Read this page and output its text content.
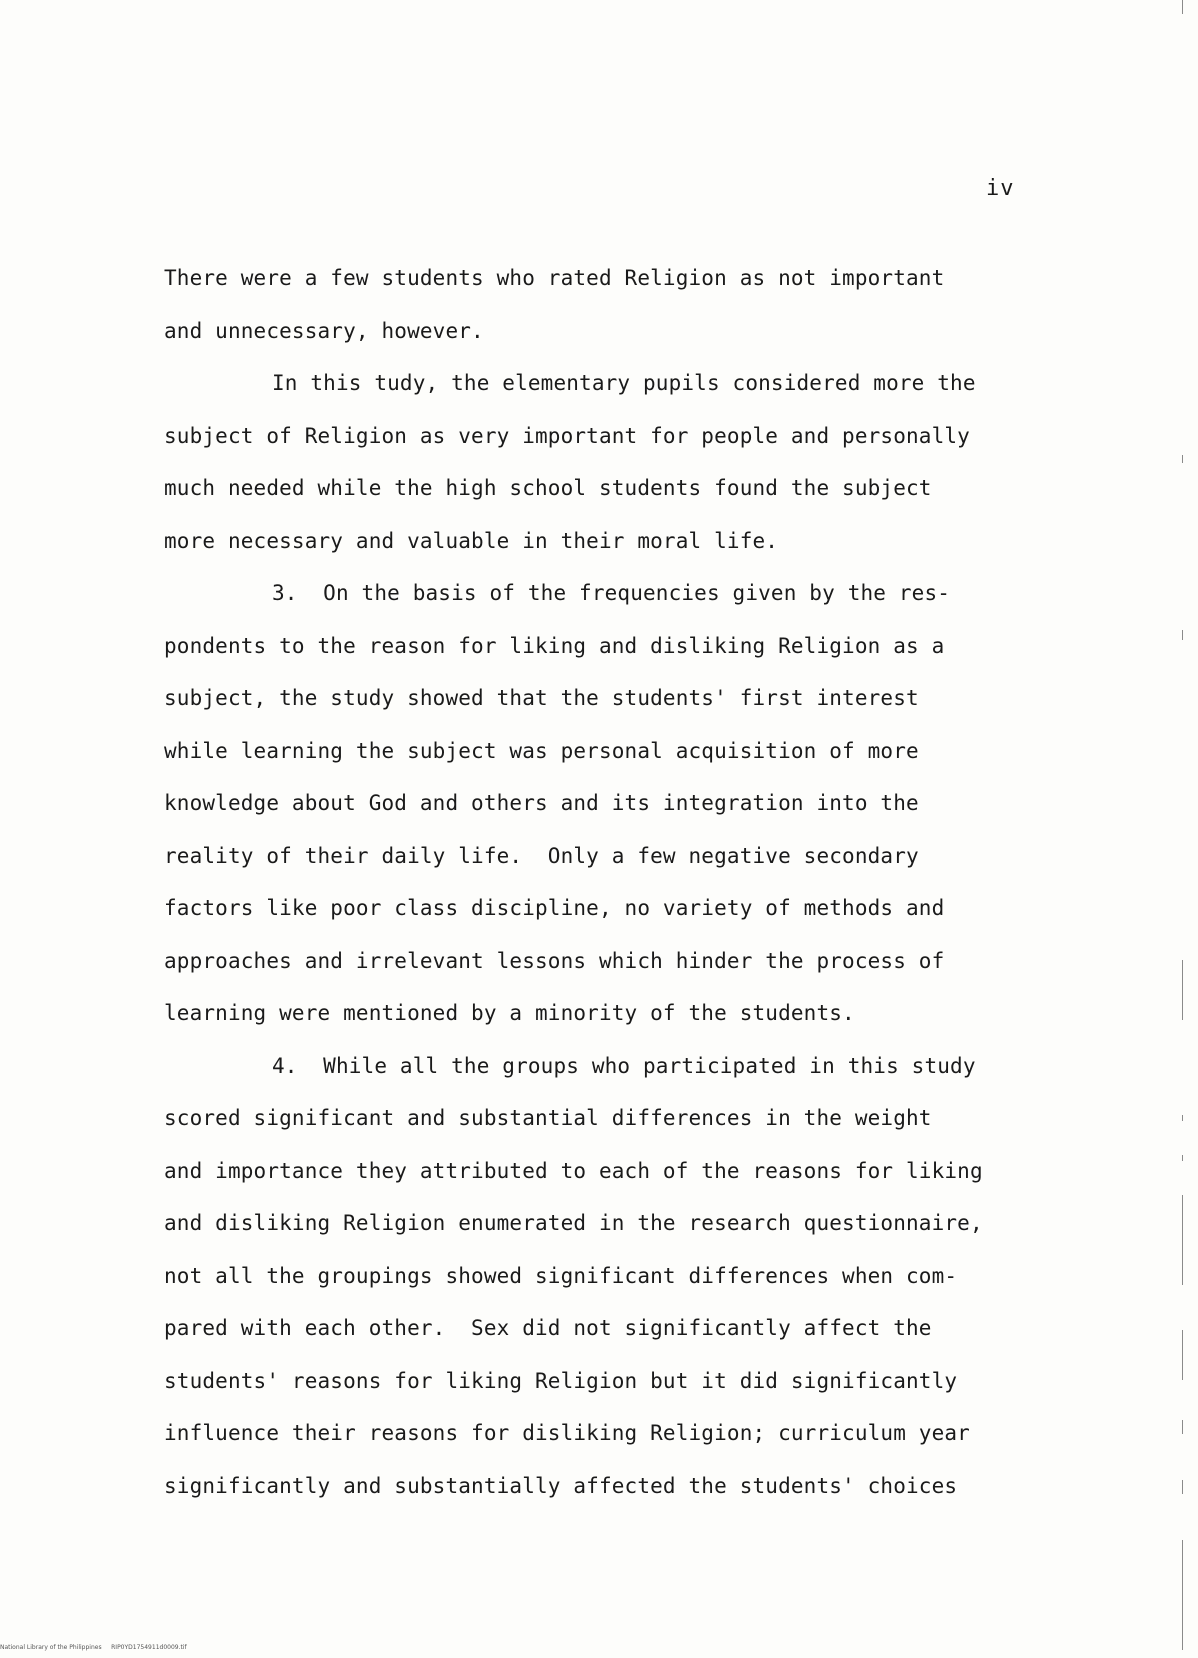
iv
There were a few students who rated Religion as not important
and unnecessary, however.
In this tudy, the elementary pupils considered more the
subject of Religion as very important for people and personally
much needed while the high school students found the subject
more necessary and valuable in their moral life.
3.  On the basis of the frequencies given by the res-
pondents to the reason for liking and disliking Religion as a
subject, the study showed that the students' first interest
while learning the subject was personal acquisition of more
knowledge about God and others and its integration into the
reality of their daily life.  Only a few negative secondary
factors like poor class discipline, no variety of methods and
approaches and irrelevant lessons which hinder the process of
learning were mentioned by a minority of the students.
4.  While all the groups who participated in this study
scored significant and substantial differences in the weight
and importance they attributed to each of the reasons for liking
and disliking Religion enumerated in the research questionnaire,
not all the groupings showed significant differences when com-
pared with each other.  Sex did not significantly affect the
students' reasons for liking Religion but it did significantly
influence their reasons for disliking Religion; curriculum year
significantly and substantially affected the students' choices
National Library of the Philippines RIP0YD1754911d0009.tif
